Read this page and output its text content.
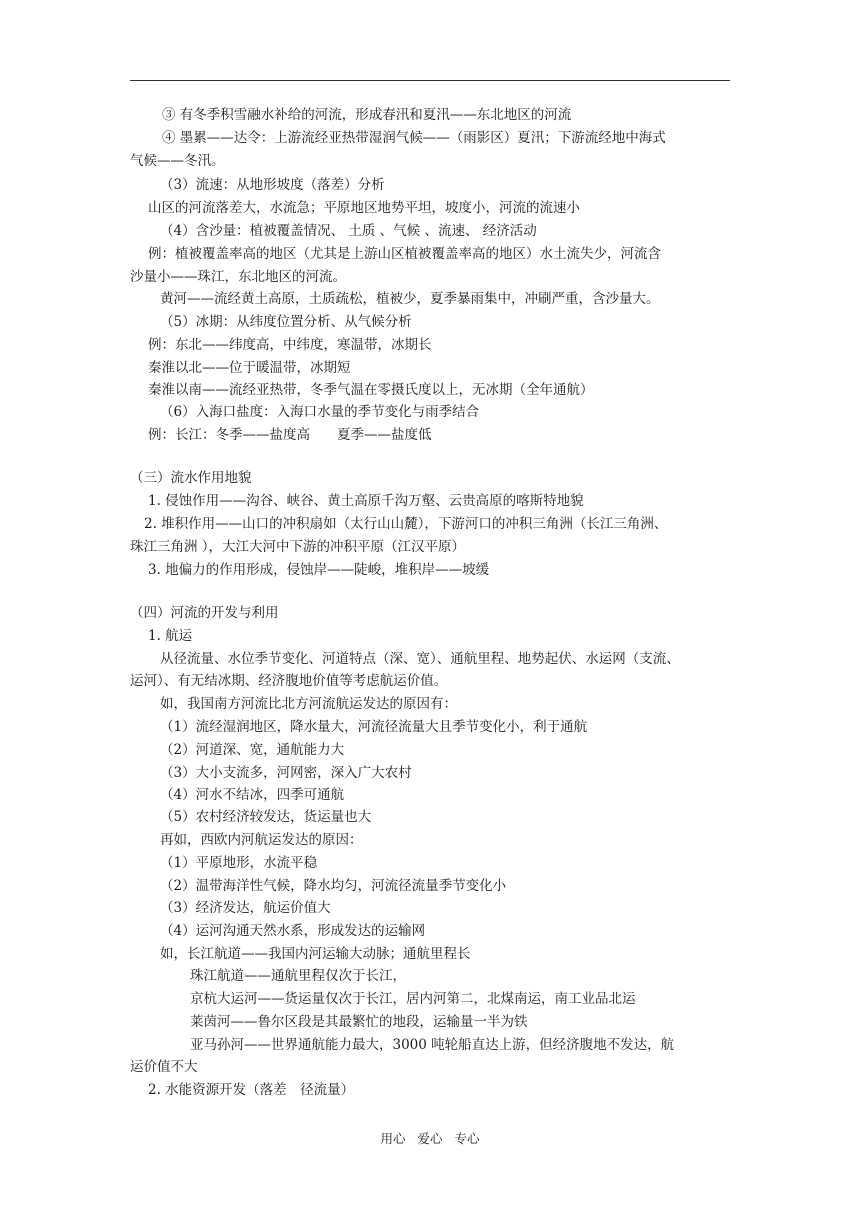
③ 有冬季积雪融水补给的河流，形成春汛和夏汛——东北地区的河流
④ 墨累——达令：上游流经亚热带湿润气候——（雨影区）夏汛；下游流经地中海式
气候——冬汛。
（3）流速：从地形坡度（落差）分析
山区的河流落差大，水流急；平原地区地势平坦，坡度小，河流的流速小
（4）含沙量：植被覆盖情况、 土质 、气候 、流速、 经济活动
例：植被覆盖率高的地区（尤其是上游山区植被覆盖率高的地区）水土流失少，河流含
沙量小——珠江，东北地区的河流。
黄河——流经黄土高原，土质疏松，植被少，夏季暴雨集中，冲刷严重，含沙量大。
（5）冰期：从纬度位置分析、从气候分析
例：东北——纬度高，中纬度，寒温带，冰期长
秦淮以北——位于暖温带，冰期短
秦淮以南——流经亚热带，冬季气温在零摄氏度以上，无冰期（全年通航）
（6）入海口盐度：入海口水量的季节变化与雨季结合
例：长江：冬季——盐度高　　夏季——盐度低
（三）流水作用地貌
1. 侵蚀作用——沟谷、峡谷、黄土高原千沟万壑、云贵高原的喀斯特地貌
2. 堆积作用——山口的冲积扇如（太行山山麓），下游河口的冲积三角洲（长江三角洲、
珠江三角洲 ），大江大河中下游的冲积平原（江汉平原）
3. 地偏力的作用形成，侵蚀岸——陡峻，堆积岸——坡缓
（四）河流的开发与利用
1. 航运
从径流量、水位季节变化、河道特点（深、宽）、通航里程、地势起伏、水运网（支流、
运河）、有无结冰期、经济腹地价值等考虑航运价值。
如，我国南方河流比北方河流航运发达的原因有：
（1）流经湿润地区，降水量大，河流径流量大且季节变化小，利于通航
（2）河道深、宽，通航能力大
（3）大小支流多，河网密，深入广大农村
（4）河水不结冰，四季可通航
（5）农村经济较发达，货运量也大
再如，西欧内河航运发达的原因：
（1）平原地形，水流平稳
（2）温带海洋性气候，降水均匀，河流径流量季节变化小
（3）经济发达，航运价值大
（4）运河沟通天然水系，形成发达的运输网
如，长江航道——我国内河运输大动脉；通航里程长
珠江航道——通航里程仅次于长江，
京杭大运河——货运量仅次于长江，居内河第二，北煤南运，南工业品北运
莱茵河——鲁尔区段是其最繁忙的地段，运输量一半为铁
亚马孙河——世界通航能力最大，3000 吨轮船直达上游，但经济腹地不发达，航
运价值不大
2. 水能资源开发（落差　径流量）
用心 爱心 专心
